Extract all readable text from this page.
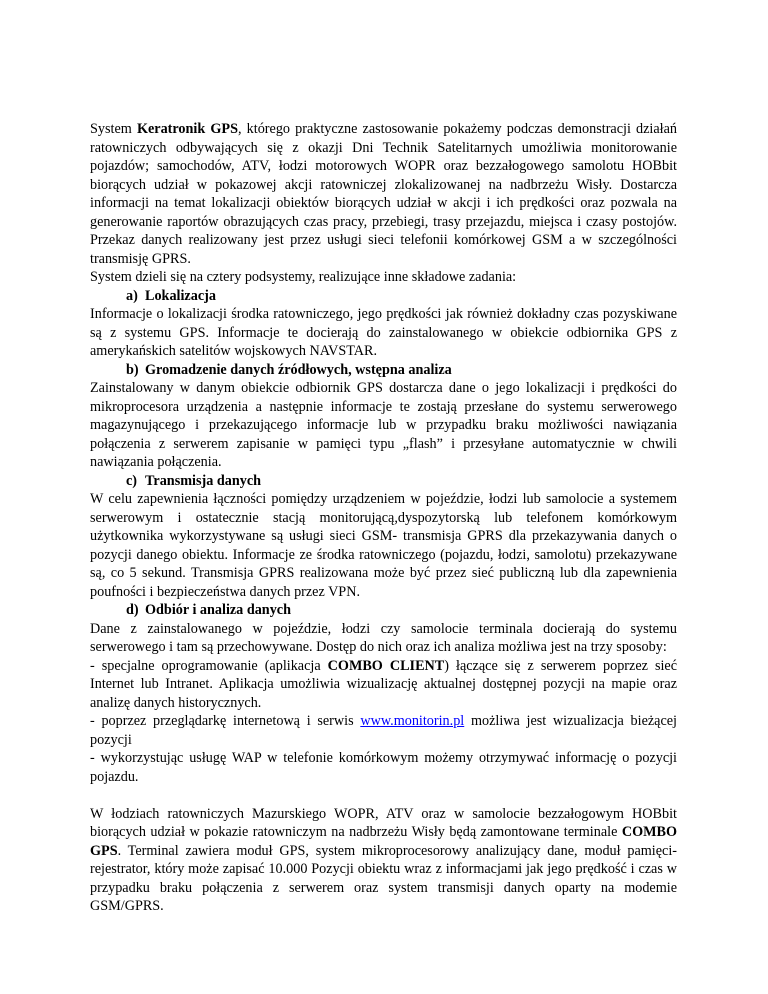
System Keratronik GPS, którego praktyczne zastosowanie pokażemy podczas demonstracji działań ratowniczych odbywających się z okazji Dni Technik Satelitarnych umożliwia monitorowanie pojazdów; samochodów, ATV, łodzi motorowych WOPR oraz bezzałogowego samolotu HOBbit biorących udział w pokazowej akcji ratowniczej zlokalizowanej na nadbrzeżu Wisły. Dostarcza informacji na temat lokalizacji obiektów biorących udział w akcji i ich prędkości oraz pozwala na generowanie raportów obrazujących czas pracy, przebiegi, trasy przejazdu, miejsca i czasy postojów. Przekaz danych realizowany jest przez usługi sieci telefonii komórkowej GSM a w szczególności transmisję GPRS.

System dzieli się na cztery podsystemy, realizujące inne składowe zadania:

a) Lokalizacja

Informacje o lokalizacji środka ratowniczego, jego prędkości jak również dokładny czas pozyskiwane są z systemu GPS. Informacje te docierają do zainstalowanego w obiekcie odbiornika GPS z amerykańskich satelitów wojskowych NAVSTAR.

b) Gromadzenie danych źródłowych, wstępna analiza

Zainstalowany w danym obiekcie odbiornik GPS dostarcza dane o jego lokalizacji i prędkości do mikroprocesora urządzenia a następnie informacje te zostają przesłane do systemu serwerowego magazynującego i przekazującego informacje lub w przypadku braku możliwości nawiązania połączenia z serwerem zapisanie w pamięci typu „flash” i przesyłane automatycznie w chwili nawiązania połączenia.

c) Transmisja danych

W celu zapewnienia łączności pomiędzy urządzeniem w pojeździe, łodzi lub samolocie a systemem serwerowym i ostatecznie stacją monitorującą,dyspozytorską lub telefonem komórkowym użytkownika wykorzystywane są usługi sieci GSM- transmisja GPRS dla przekazywania danych o pozycji danego obiektu. Informacje ze środka ratowniczego (pojazdu, łodzi, samolotu) przekazywane są, co 5 sekund. Transmisja GPRS realizowana może być przez sieć publiczną lub dla zapewnienia poufności i bezpieczeństwa danych przez VPN.

d) Odbiór i analiza danych

Dane z zainstalowanego w pojeździe, łodzi czy samolocie terminala docierają do systemu serwerowego i tam są przechowywane. Dostęp do nich oraz ich analiza możliwa jest na trzy sposoby:

- specjalne oprogramowanie (aplikacja COMBO CLIENT) łączące się z serwerem poprzez sieć Internet lub Intranet. Aplikacja umożliwia wizualizację aktualnej dostępnej pozycji na mapie oraz analizę danych historycznych.

- poprzez przeglądarkę internetową i serwis www.monitorin.pl możliwa jest wizualizacja bieżącej pozycji

- wykorzystując usługę WAP w telefonie komórkowym możemy otrzymywać informację o pozycji pojazdu.

W łodziach ratowniczych Mazurskiego WOPR, ATV oraz w samolocie bezzałogowym HOBbit biorących udział w pokazie ratowniczym na nadbrzeżu Wisły będą zamontowane terminale COMBO GPS. Terminal zawiera moduł GPS, system mikroprocesorowy analizujący dane, moduł pamięci-rejestrator, który może zapisać 10.000 Pozycji obiektu wraz z informacjami jak jego prędkość i czas w przypadku braku połączenia z serwerem oraz system transmisji danych oparty na modemie GSM/GPRS.
